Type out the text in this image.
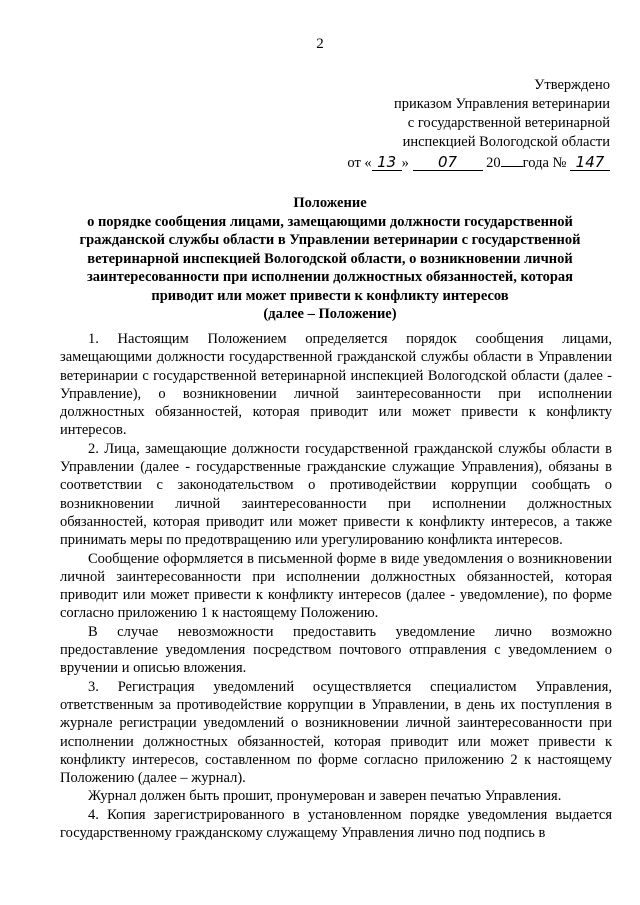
2
Утверждено
приказом Управления ветеринарии
с государственной ветеринарной
инспекцией Вологодской области
от « 13 » 07 20 года № 147
Положение
о порядке сообщения лицами, замещающими должности государственной
гражданской службы области в Управлении ветеринарии с государственной
ветеринарной инспекцией Вологодской области, о возникновении личной
заинтересованности при исполнении должностных обязанностей, которая
приводит или может привести к конфликту интересов
(далее – Положение)

1. Настоящим Положением определяется порядок сообщения лицами, замещающими должности государственной гражданской службы области в Управлении ветеринарии с государственной ветеринарной инспекцией Вологодской области (далее - Управление), о возникновении личной заинтересованности при исполнении должностных обязанностей, которая приводит или может привести к конфликту интересов.

2. Лица, замещающие должности государственной гражданской службы области в Управлении (далее - государственные гражданские служащие Управления), обязаны в соответствии с законодательством о противодействии коррупции сообщать о возникновении личной заинтересованности при исполнении должностных обязанностей, которая приводит или может привести к конфликту интересов, а также принимать меры по предотвращению или урегулированию конфликта интересов.

Сообщение оформляется в письменной форме в виде уведомления о возникновении личной заинтересованности при исполнении должностных обязанностей, которая приводит или может привести к конфликту интересов (далее - уведомление), по форме согласно приложению 1 к настоящему Положению.

В случае невозможности предоставить уведомление лично возможно предоставление уведомления посредством почтового отправления с уведомлением о вручении и описью вложения.

3. Регистрация уведомлений осуществляется специалистом Управления, ответственным за противодействие коррупции в Управлении, в день их поступления в журнале регистрации уведомлений о возникновении личной заинтересованности при исполнении должностных обязанностей, которая приводит или может привести к конфликту интересов, составленном по форме согласно приложению 2 к настоящему Положению (далее – журнал).

Журнал должен быть прошит, пронумерован и заверен печатью Управления.

4. Копия зарегистрированного в установленном порядке уведомления выдается государственному гражданскому служащему Управления лично под подпись в
